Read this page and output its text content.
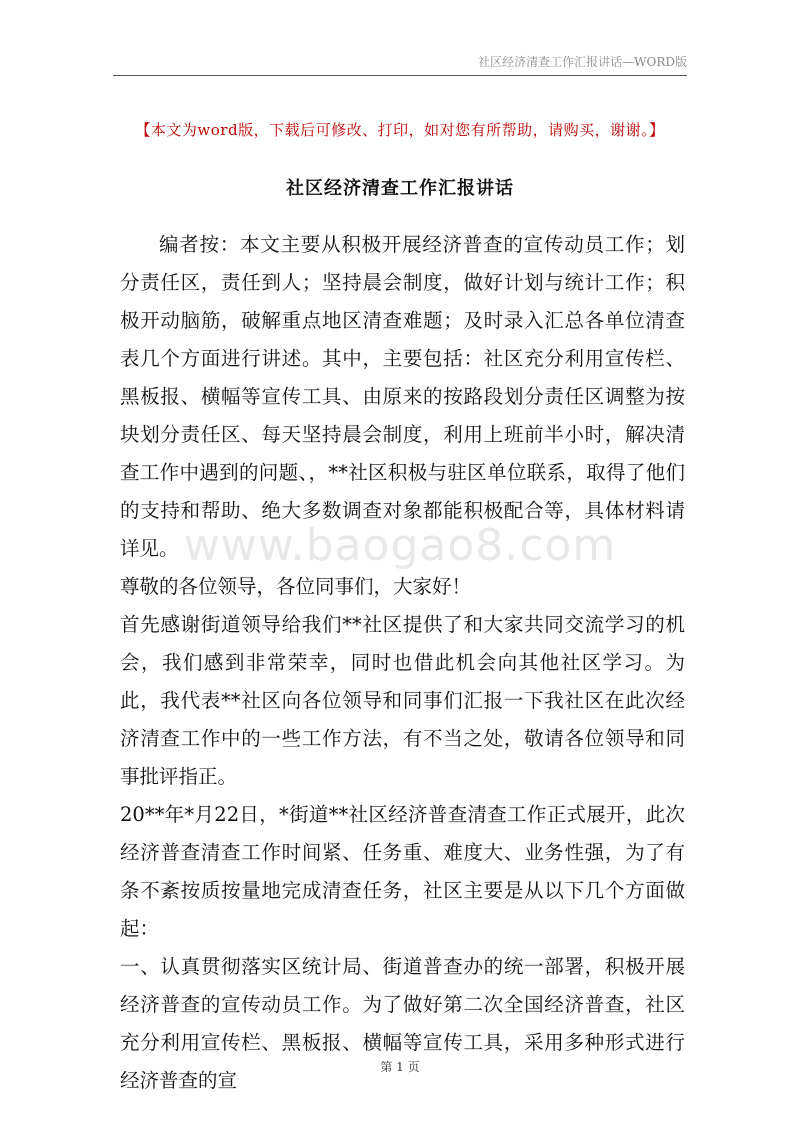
社区经济清查工作汇报讲话—WORD版
【本文为word版，下载后可修改、打印，如对您有所帮助，请购买，谢谢。】
社区经济清查工作汇报讲话

编者按：本文主要从积极开展经济普查的宣传动员工作；划分责任区，责任到人；坚持晨会制度，做好计划与统计工作；积极开动脑筋，破解重点地区清查难题；及时录入汇总各单位清查表几个方面进行讲述。其中，主要包括：社区充分利用宣传栏、黑板报、横幅等宣传工具、由原来的按路段划分责任区调整为按块划分责任区、每天坚持晨会制度，利用上班前半小时，解决清查工作中遇到的问题、，**社区积极与驻区单位联系，取得了他们的支持和帮助、绝大多数调查对象都能积极配合等，具体材料请详见。

尊敬的各位领导，各位同事们，大家好！

首先感谢街道领导给我们**社区提供了和大家共同交流学习的机会，我们感到非常荣幸，同时也借此机会向其他社区学习。为此，我代表**社区向各位领导和同事们汇报一下我社区在此次经济清查工作中的一些工作方法，有不当之处，敬请各位领导和同事批评指正。

20**年*月22日，*街道**社区经济普查清查工作正式展开，此次经济普查清查工作时间紧、任务重、难度大、业务性强，为了有条不紊按质按量地完成清查任务，社区主要是从以下几个方面做起：

一、认真贯彻落实区统计局、街道普查办的统一部署，积极开展经济普查的宣传动员工作。为了做好第二次全国经济普查，社区充分利用宣传栏、黑板报、横幅等宣传工具，采用多种形式进行经济普查的宣

www.baogao8.com
第 1 页
